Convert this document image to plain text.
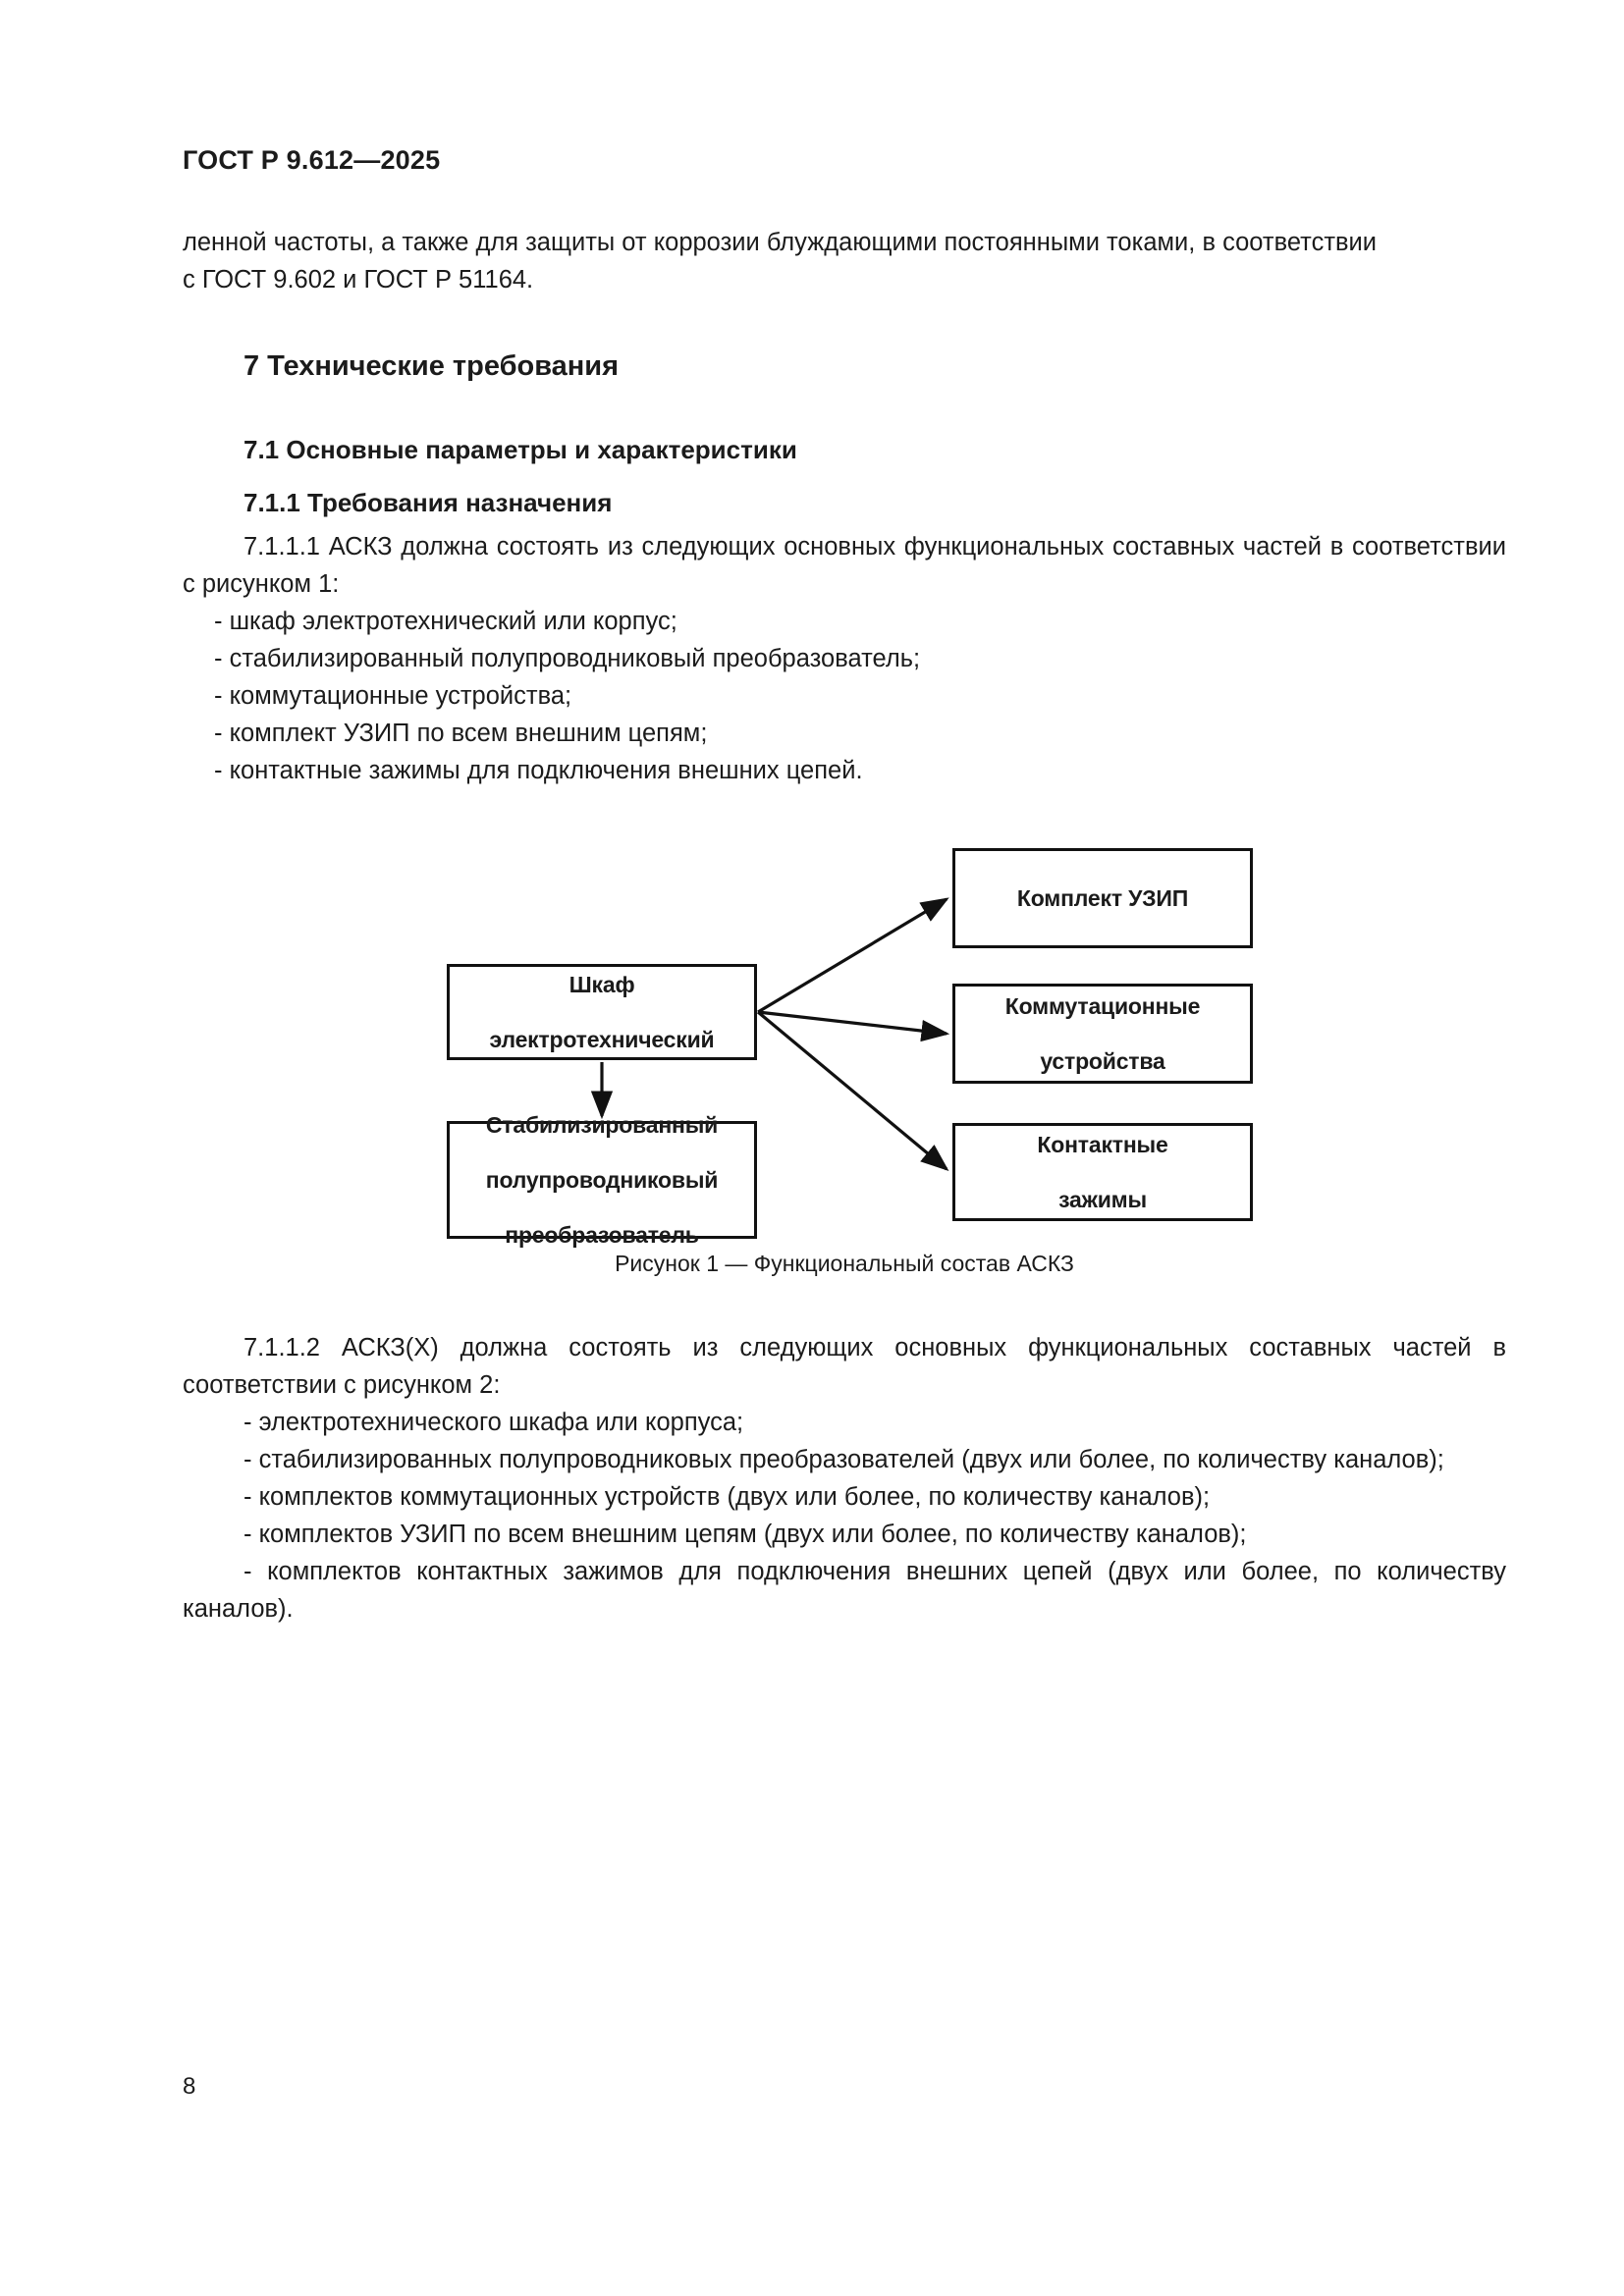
ГОСТ Р 9.612—2025

ленной частоты, а также для защиты от коррозии блуждающими постоянными токами, в соответствии
с ГОСТ 9.602 и ГОСТ Р 51164.

7 Технические требования
7.1 Основные параметры и характеристики
7.1.1 Требования назначения

7.1.1.1 АСКЗ должна состоять из следующих основных функциональных составных частей в соответствии с рисунком 1:

- шкаф электротехнический или корпус;
- стабилизированный полупроводниковый преобразователь;
- коммутационные устройства;
- комплект УЗИП по всем внешним цепям;
- контактные зажимы для подключения внешних цепей.
Шкаф

электротехнический
Комплект УЗИП
Коммутационные

устройства
Контактные

зажимы
Стабилизированный

полупроводниковый

преобразователь

Рисунок 1 — Функциональный состав АСКЗ

7.1.1.2 АСКЗ(Х) должна состоять из следующих основных функциональных составных частей в соответствии с рисунком 2:

- электротехнического шкафа или корпуса;
- стабилизированных полупроводниковых преобразователей (двух или более, по количеству каналов);
- комплектов коммутационных устройств (двух или более, по количеству каналов);
- комплектов УЗИП по всем внешним цепям (двух или более, по количеству каналов);
- комплектов контактных зажимов для подключения внешних цепей (двух или более, по количеству каналов).
8
